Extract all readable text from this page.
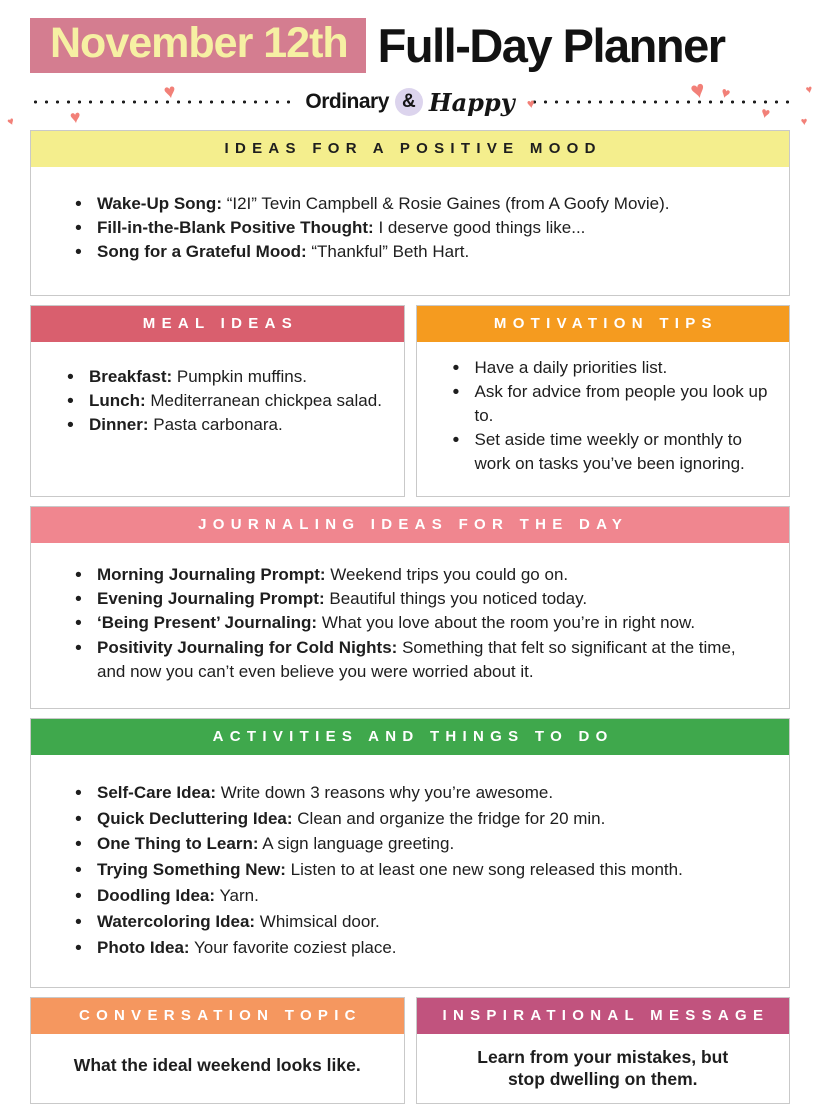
♥
♥
♥
♥
♥
♥
♥
♥
♥
November 12th Full-Day Planner
Ordinary & Happy
IDEAS FOR A POSITIVE MOOD
• Wake-Up Song: “I2I” Tevin Campbell & Rosie Gaines (from A Goofy Movie).
• Fill-in-the-Blank Positive Thought: I deserve good things like...
• Song for a Grateful Mood: “Thankful” Beth Hart.
MEAL IDEAS
• Breakfast: Pumpkin muffins.
• Lunch: Mediterranean chickpea salad.
• Dinner: Pasta carbonara.
MOTIVATION TIPS
• Have a daily priorities list.
• Ask for advice from people you look up to.
• Set aside time weekly or monthly to work on tasks you’ve been ignoring.
JOURNALING IDEAS FOR THE DAY
• Morning Journaling Prompt: Weekend trips you could go on.
• Evening Journaling Prompt: Beautiful things you noticed today.
• ‘Being Present’ Journaling: What you love about the room you’re in right now.
• Positivity Journaling for Cold Nights: Something that felt so significant at the time, and now you can’t even believe you were worried about it.
ACTIVITIES AND THINGS TO DO
• Self-Care Idea: Write down 3 reasons why you’re awesome.
• Quick Decluttering Idea: Clean and organize the fridge for 20 min.
• One Thing to Learn: A sign language greeting.
• Trying Something New: Listen to at least one new song released this month.
• Doodling Idea: Yarn.
• Watercoloring Idea: Whimsical door.
• Photo Idea: Your favorite coziest place.
CONVERSATION TOPIC
What the ideal weekend looks like.
INSPIRATIONAL MESSAGE
Learn from your mistakes, but stop dwelling on them.
